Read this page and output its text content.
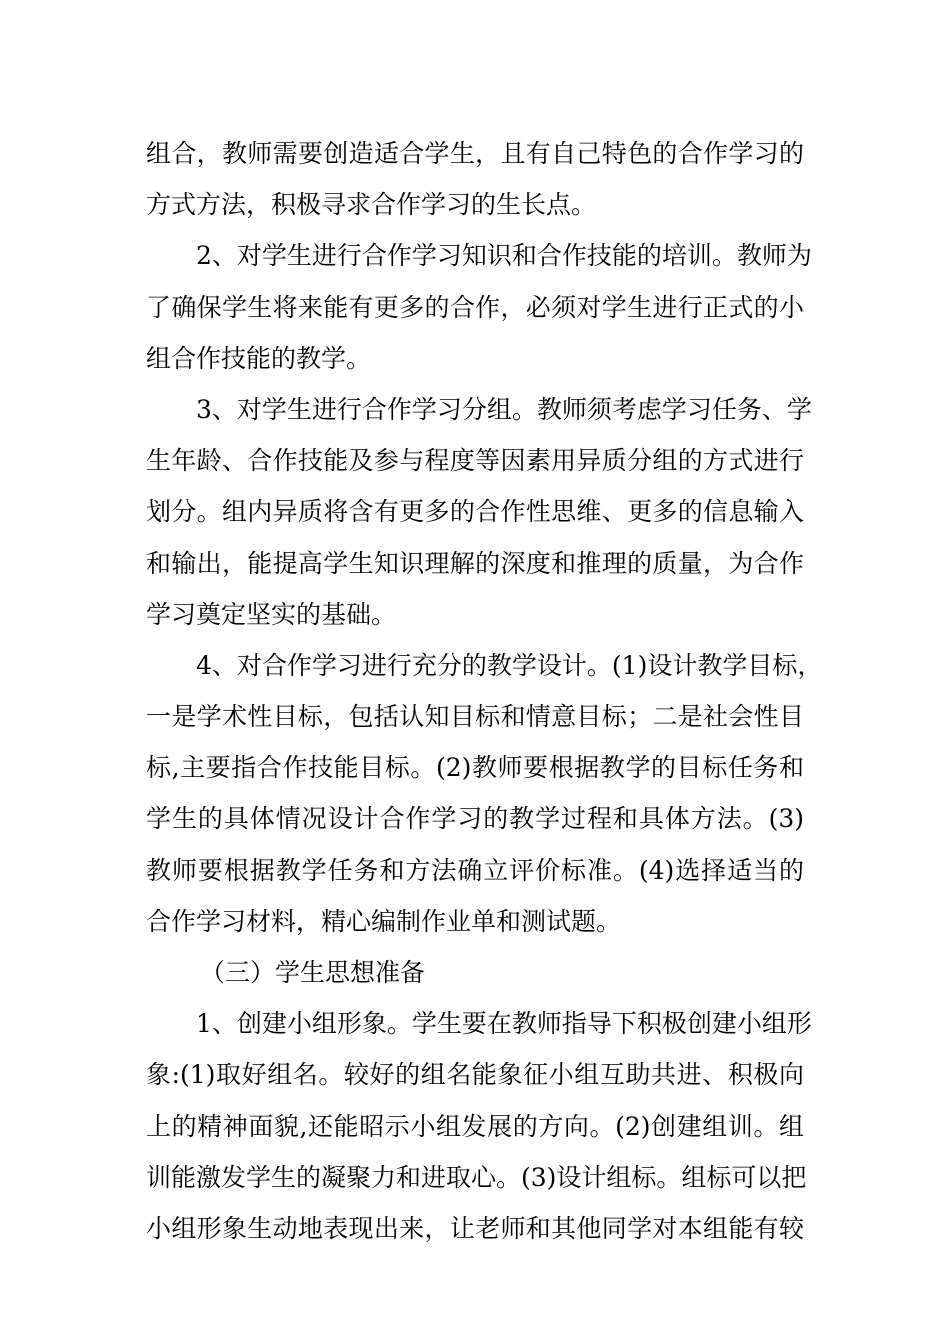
组合，教师需要创造适合学生，且有自己特色的合作学习的
方式方法，积极寻求合作学习的生长点。
2、对学生进行合作学习知识和合作技能的培训。教师为
了确保学生将来能有更多的合作，必须对学生进行正式的小
组合作技能的教学。
3、对学生进行合作学习分组。教师须考虑学习任务、学
生年龄、合作技能及参与程度等因素用异质分组的方式进行
划分。组内异质将含有更多的合作性思维、更多的信息输入
和输出，能提高学生知识理解的深度和推理的质量，为合作
学习奠定坚实的基础。
4、对合作学习进行充分的教学设计。(1)设计教学目标，
一是学术性目标，包括认知目标和情意目标；二是社会性目
标,主要指合作技能目标。(2)教师要根据教学的目标任务和
学生的具体情况设计合作学习的教学过程和具体方法。(3)
教师要根据教学任务和方法确立评价标准。(4)选择适当的
合作学习材料，精心编制作业单和测试题。
（三）学生思想准备
1、创建小组形象。学生要在教师指导下积极创建小组形
象:(1)取好组名。较好的组名能象征小组互助共进、积极向
上的精神面貌,还能昭示小组发展的方向。(2)创建组训。组
训能激发学生的凝聚力和进取心。(3)设计组标。组标可以把
小组形象生动地表现出来，让老师和其他同学对本组能有较
